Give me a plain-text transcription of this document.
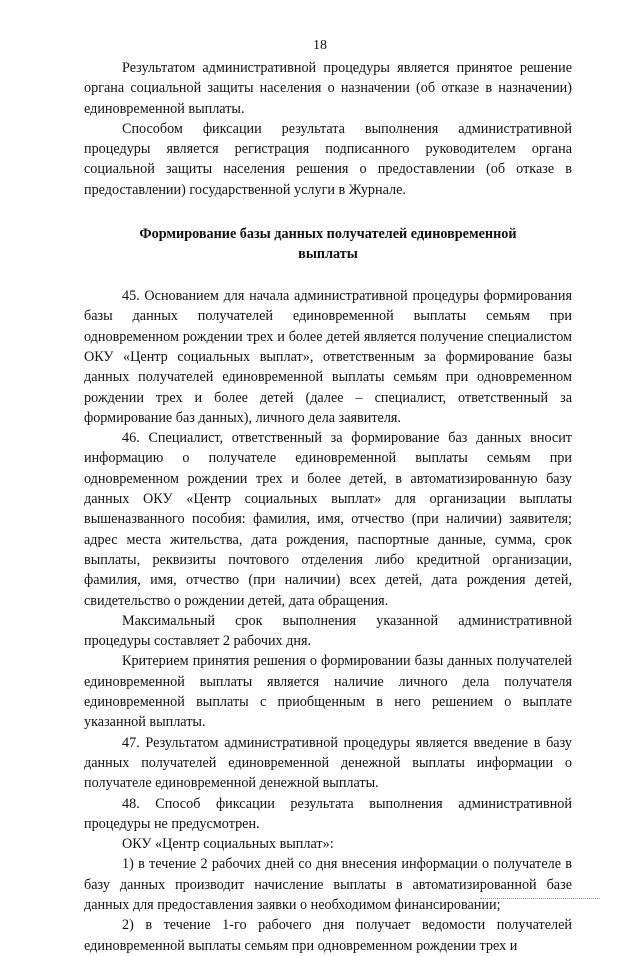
18

Результатом административной процедуры является принятое решение органа социальной защиты населения о назначении (об отказе в назначении) единовременной выплаты.

Способом фиксации результата выполнения административной процедуры является регистрация подписанного руководителем органа социальной защиты населения решения о предоставлении (об отказе в предоставлении) государственной услуги в Журнале.

Формирование базы данных получателей единовременной
выплаты

45. Основанием для начала административной процедуры формирования базы данных получателей единовременной выплаты семьям при одновременном рождении трех и более детей является получение специалистом ОКУ «Центр социальных выплат», ответственным за формирование базы данных получателей единовременной выплаты семьям при одновременном рождении трех и более детей (далее – специалист, ответственный за формирование баз данных), личного дела заявителя.

46. Специалист, ответственный за формирование баз данных вносит информацию о получателе единовременной выплаты семьям при одновременном рождении трех и более детей, в автоматизированную базу данных ОКУ «Центр социальных выплат» для организации выплаты вышеназванного пособия: фамилия, имя, отчество (при наличии) заявителя; адрес места жительства, дата рождения, паспортные данные, сумма, срок выплаты, реквизиты почтового отделения либо кредитной организации, фамилия, имя, отчество (при наличии) всех детей, дата рождения детей, свидетельство о рождении детей, дата обращения.

Максимальный срок выполнения указанной административной процедуры составляет 2 рабочих дня.

Критерием принятия решения о формировании базы данных получателей единовременной выплаты является наличие личного дела получателя единовременной выплаты с приобщенным в него решением о выплате указанной выплаты.

47. Результатом административной процедуры является введение в базу данных получателей единовременной денежной выплаты информации о получателе единовременной денежной выплаты.

48. Способ фиксации результата выполнения административной процедуры не предусмотрен.

ОКУ «Центр социальных выплат»:

1) в течение 2 рабочих дней со дня внесения информации о получателе в базу данных производит начисление выплаты в автоматизированной базе данных для предоставления заявки о необходимом финансировании;

2) в течение 1-го рабочего дня получает ведомости получателей единовременной выплаты семьям при одновременном рождении трех и
